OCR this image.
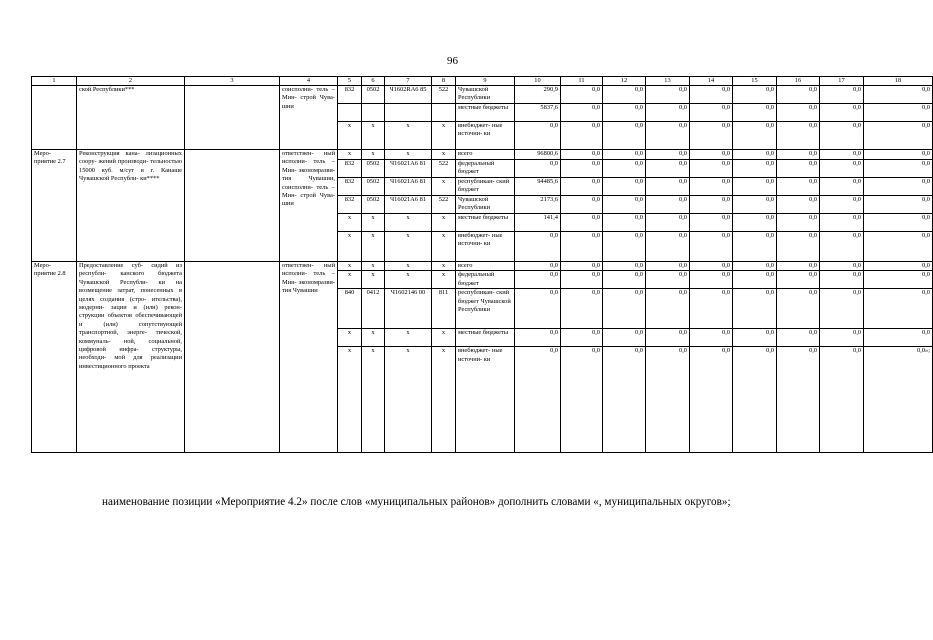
96
1	2	3	4	5	6	7	8	9	10	11	12	13	14	15	16	17	18
	ской Республики***		соисполни- тель – Мин- строй Чува- шии	832	0502	Ч1602RA6 85	522	Чувашской Республики	290,9	0,0	0,0	0,0	0,0	0,0	0,0	0,0	0,0
								местные бюджеты	5837,6	0,0	0,0	0,0	0,0	0,0	0,0	0,0	0,0
				x	x	x	x	внебюджет- ные источни- ки	0,0	0,0	0,0	0,0	0,0	0,0	0,0	0,0	0,0
Меро- приятие 2.7	Реконструкция кана- лизационных соору- жений производи- тельностью 15000 куб. м/сут в г. Канаше Чувашской Республи- ки****		ответствен- ный исполни- тель – Мин- экономразви- тия Чувашии, соисполни- тель – Мин- строй Чува- шии	x	x	x	x	всего	96800,6	0,0	0,0	0,0	0,0	0,0	0,0	0,0	0,0
				832	0502	Ч16021А6 81	522	федеральный бюджет	0,0	0,0	0,0	0,0	0,0	0,0	0,0	0,0	0,0
				832	0502	Ч16021А6 81	x	республикан- ский бюджет	94485,6	0,0	0,0	0,0	0,0	0,0	0,0	0,0	0,0
				832	0502	Ч16021А6 81	522	Чувашской Республики	2173,6	0,0	0,0	0,0	0,0	0,0	0,0	0,0	0,0
				x	x	x	x	местные бюджеты	141,4	0,0	0,0	0,0	0,0	0,0	0,0	0,0	0,0
				x	x	x	x	внебюджет- ные источни- ки	0,0	0,0	0,0	0,0	0,0	0,0	0,0	0,0	0,0
Меро- приятие 2.8	Предоставление суб- сидий из республи- канского бюджета Чувашской Республи- ки на возмещение затрат, понесенных в целях создания (стро- ительства), модерни- зации и (или) рекон- струкции объектов обеспечивающей и (или) сопутствующей транспортной, энерге- тической, коммуналь- ной, социальной, цифровой инфра- структуры, необходи- мой для реализации инвестиционного проекта		ответствен- ный исполни- тель – Мин- экономразви- тия Чувашии	x	x	x	x	всего	0,0	0,0	0,0	0,0	0,0	0,0	0,0	0,0	0,0
				x	x	x	x	федеральный бюджет	0,0	0,0	0,0	0,0	0,0	0,0	0,0	0,0	0,0
				840	0412	Ч1602146 00	811	республикан- ский бюджет Чувашской Республики	0,0	0,0	0,0	0,0	0,0	0,0	0,0	0,0	0,0
				x	x	x	x	местные бюджеты	0,0	0,0	0,0	0,0	0,0	0,0	0,0	0,0	0,0
				x	x	x	x	внебюджет- ные источни- ки	0,0	0,0	0,0	0,0	0,0	0,0	0,0	0,0	0,0»;
наименование позиции «Мероприятие 4.2» после слов «муниципальных районов» дополнить словами «, муниципальных округов»;
